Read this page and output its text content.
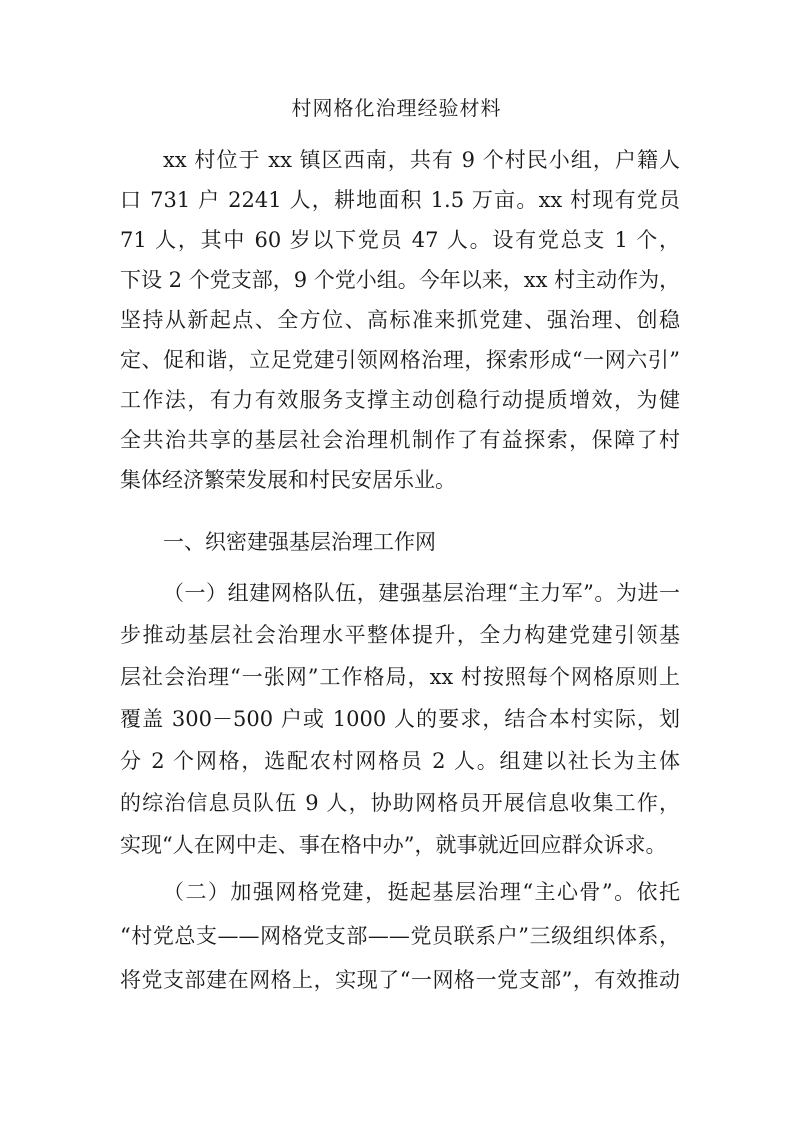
村网格化治理经验材料
xx 村位于 xx 镇区西南，共有 9 个村民小组，户籍人
口 731 户 2241 人，耕地面积 1.5 万亩。xx 村现有党员
71 人，其中 60 岁以下党员 47 人。设有党总支 1 个，
下设 2 个党支部，9 个党小组。今年以来，xx 村主动作为，
坚持从新起点、全方位、高标准来抓党建、强治理、创稳
定、促和谐，立足党建引领网格治理，探索形成“一网六引”
工作法，有力有效服务支撑主动创稳行动提质增效，为健
全共治共享的基层社会治理机制作了有益探索，保障了村
集体经济繁荣发展和村民安居乐业。
一、织密建强基层治理工作网
（一）组建网格队伍，建强基层治理“主力军”。为进一
步推动基层社会治理水平整体提升，全力构建党建引领基
层社会治理“一张网”工作格局，xx 村按照每个网格原则上
覆盖 300－500 户或 1000 人的要求，结合本村实际，划
分 2 个网格，选配农村网格员 2 人。组建以社长为主体
的综治信息员队伍 9 人，协助网格员开展信息收集工作，
实现“人在网中走、事在格中办”，就事就近回应群众诉求。
（二）加强网格党建，挺起基层治理“主心骨”。依托
“村党总支——网格党支部——党员联系户”三级组织体系，
将党支部建在网格上，实现了“一网格一党支部”，有效推动
